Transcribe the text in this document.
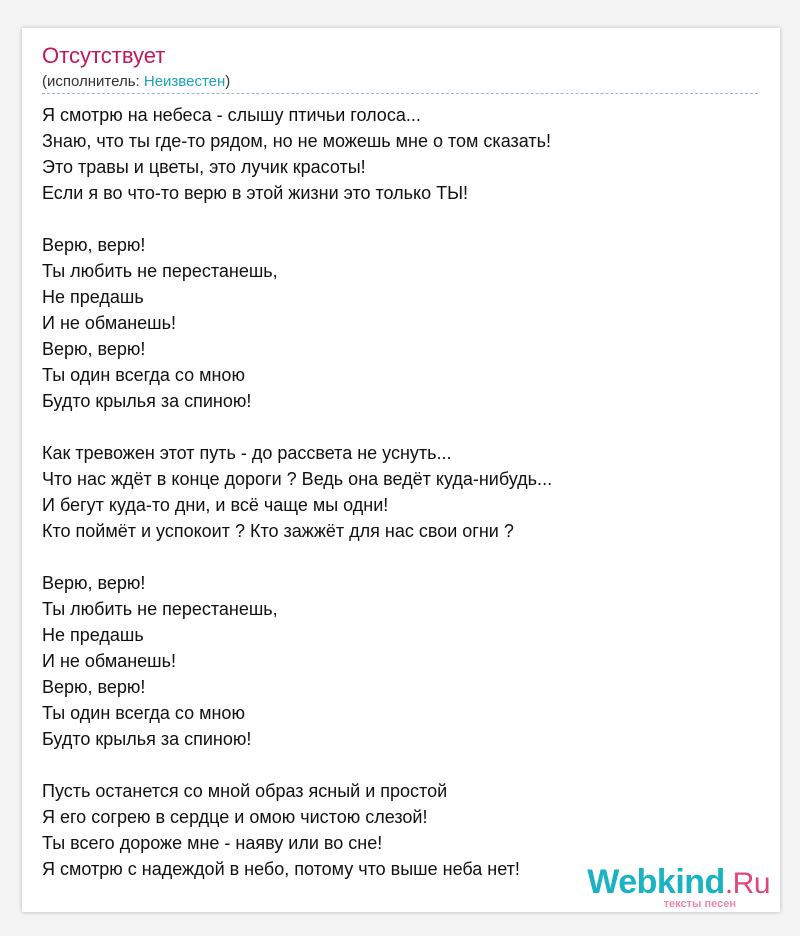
Отсутствует
(исполнитель: Неизвестен)
Я смотрю на небеса - слышу птичьи голоса...
Знаю, что ты где-то рядом, но не можешь мне о том сказать!
Это травы и цветы, это лучик красоты!
Если я во что-то верю в этой жизни это только ТЫ!
Верю, верю!
Ты любить не перестанешь,
Не предашь
И не обманешь!
Верю, верю!
Ты один всегда со мною
Будто крылья за спиною!
Как тревожен этот путь - до рассвета не уснуть...
Что нас ждёт в конце дороги ? Ведь она ведёт куда-нибудь...
И бегут куда-то дни, и всё чаще мы одни!
Кто поймёт и успокоит ? Кто зажжёт для нас свои огни ?
Верю, верю!
Ты любить не перестанешь,
Не предашь
И не обманешь!
Верю, верю!
Ты один всегда со мною
Будто крылья за спиною!
Пусть останется со мной образ ясный и простой
Я его согрею в сердце и омою чистою слезой!
Ты всего дороже мне - наяву или во сне!
Я смотрю с надеждой в небо, потому что выше неба нет!	Webkind.Ru
тексты песен
